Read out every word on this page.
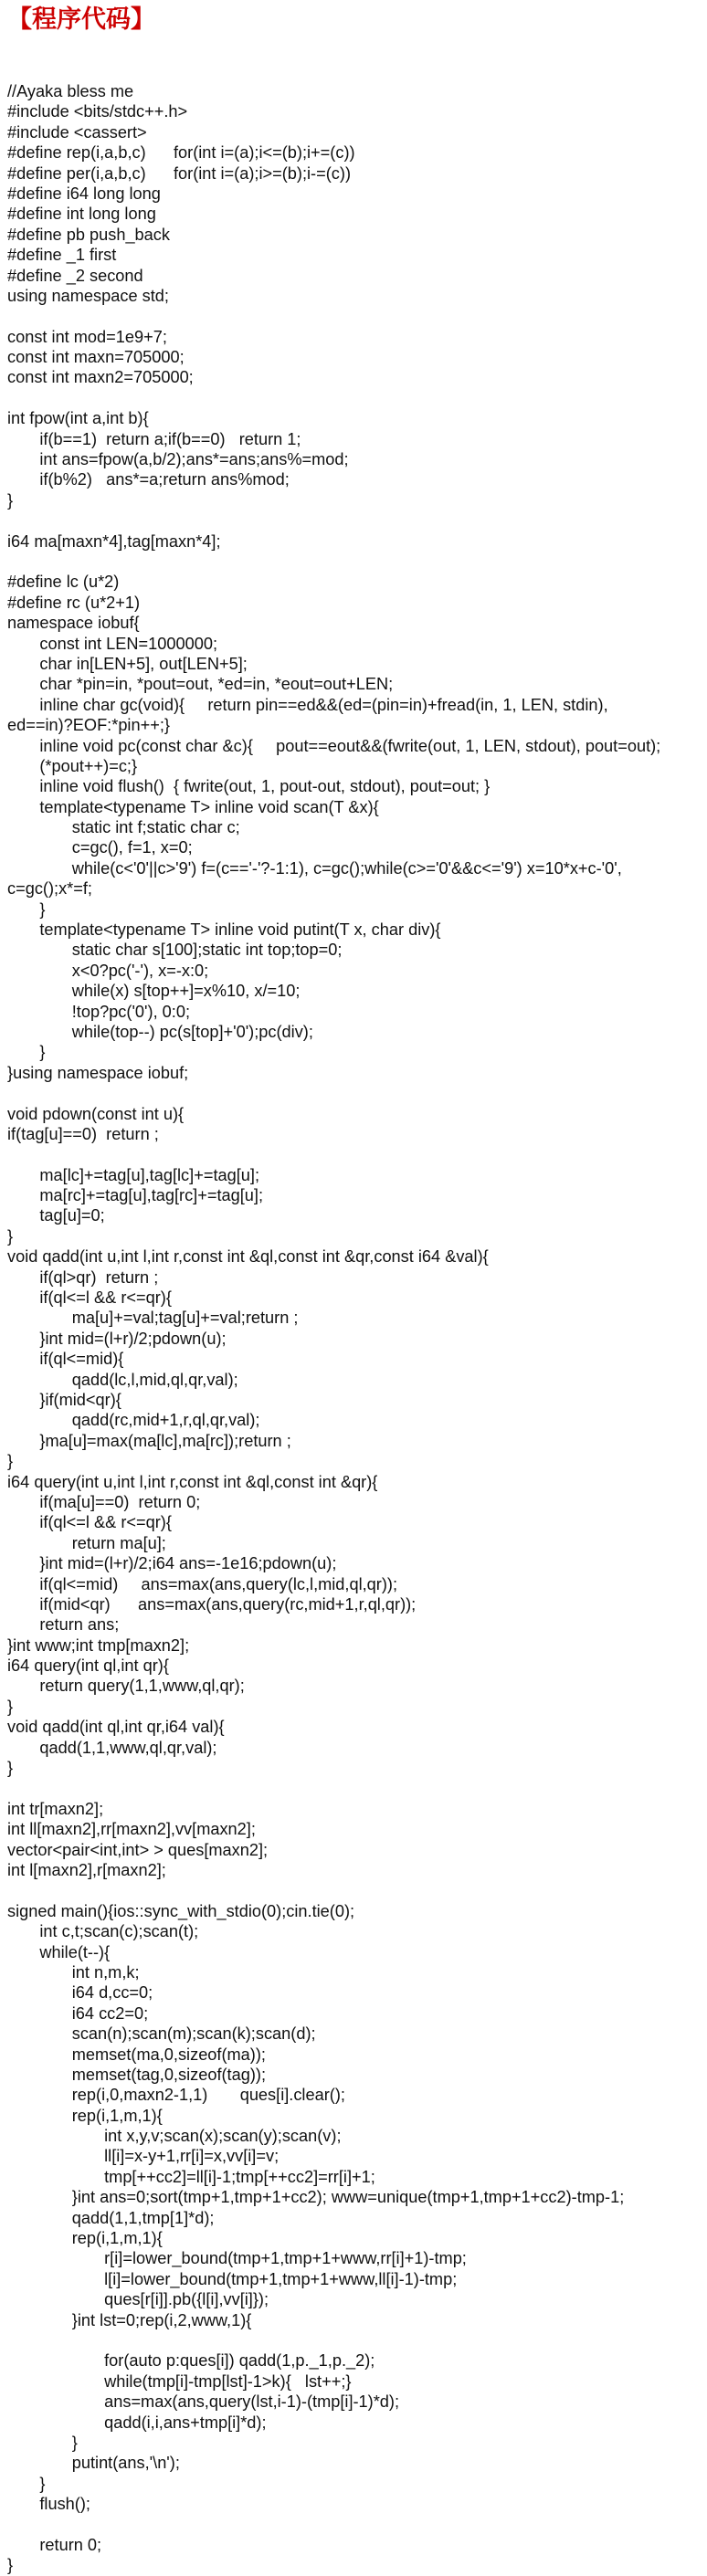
【程序代码】
//Ayaka bless me
#include <bits/stdc++.h>
#include <cassert>
#define rep(i,a,b,c)      for(int i=(a);i<=(b);i+=(c))
#define per(i,a,b,c)      for(int i=(a);i>=(b);i-=(c))
#define i64 long long
#define int long long
#define pb push_back
#define _1 first
#define _2 second
using namespace std;
const int mod=1e9+7;
const int maxn=705000;
const int maxn2=705000;
int fpow(int a,int b){
if(b==1)  return a;if(b==0)   return 1;
int ans=fpow(a,b/2);ans*=ans;ans%=mod;
if(b%2)   ans*=a;return ans%mod;
}
i64 ma[maxn*4],tag[maxn*4];
#define lc (u*2)
#define rc (u*2+1)
namespace iobuf{
const int LEN=1000000;
char in[LEN+5], out[LEN+5];
char *pin=in, *pout=out, *ed=in, *eout=out+LEN;
inline char gc(void){     return pin==ed&&(ed=(pin=in)+fread(in, 1, LEN, stdin),
ed==in)?EOF:*pin++;}
inline void pc(const char &c){     pout==eout&&(fwrite(out, 1, LEN, stdout), pout=out);
(*pout++)=c;}
inline void flush()  { fwrite(out, 1, pout-out, stdout), pout=out; }
template<typename T> inline void scan(T &x){
static int f;static char c;
c=gc(), f=1, x=0;
while(c<'0'||c>'9') f=(c=='-'?-1:1), c=gc();while(c>='0'&&c<='9') x=10*x+c-'0',
c=gc();x*=f;
}
template<typename T> inline void putint(T x, char div){
static char s[100];static int top;top=0;
x<0?pc('-'), x=-x:0;
while(x) s[top++]=x%10, x/=10;
!top?pc('0'), 0:0;
while(top--) pc(s[top]+'0');pc(div);
}
}using namespace iobuf;
void pdown(const int u){
if(tag[u]==0)  return ;
ma[lc]+=tag[u],tag[lc]+=tag[u];
ma[rc]+=tag[u],tag[rc]+=tag[u];
tag[u]=0;
}
void qadd(int u,int l,int r,const int &ql,const int &qr,const i64 &val){
if(ql>qr)  return ;
if(ql<=l && r<=qr){
ma[u]+=val;tag[u]+=val;return ;
}int mid=(l+r)/2;pdown(u);
if(ql<=mid){
qadd(lc,l,mid,ql,qr,val);
}if(mid<qr){
qadd(rc,mid+1,r,ql,qr,val);
}ma[u]=max(ma[lc],ma[rc]);return ;
}
i64 query(int u,int l,int r,const int &ql,const int &qr){
if(ma[u]==0)  return 0;
if(ql<=l && r<=qr){
return ma[u];
}int mid=(l+r)/2;i64 ans=-1e16;pdown(u);
if(ql<=mid)     ans=max(ans,query(lc,l,mid,ql,qr));
if(mid<qr)      ans=max(ans,query(rc,mid+1,r,ql,qr));
return ans;
}int www;int tmp[maxn2];
i64 query(int ql,int qr){
return query(1,1,www,ql,qr);
}
void qadd(int ql,int qr,i64 val){
qadd(1,1,www,ql,qr,val);
}
int tr[maxn2];
int ll[maxn2],rr[maxn2],vv[maxn2];
vector<pair<int,int> > ques[maxn2];
int l[maxn2],r[maxn2];
signed main(){ios::sync_with_stdio(0);cin.tie(0);
int c,t;scan(c);scan(t);
while(t--){
int n,m,k;
i64 d,cc=0;
i64 cc2=0;
scan(n);scan(m);scan(k);scan(d);
memset(ma,0,sizeof(ma));
memset(tag,0,sizeof(tag));
rep(i,0,maxn2-1,1)       ques[i].clear();
rep(i,1,m,1){
int x,y,v;scan(x);scan(y);scan(v);
ll[i]=x-y+1,rr[i]=x,vv[i]=v;
tmp[++cc2]=ll[i]-1;tmp[++cc2]=rr[i]+1;
}int ans=0;sort(tmp+1,tmp+1+cc2); www=unique(tmp+1,tmp+1+cc2)-tmp-1;
qadd(1,1,tmp[1]*d);
rep(i,1,m,1){
r[i]=lower_bound(tmp+1,tmp+1+www,rr[i]+1)-tmp;
l[i]=lower_bound(tmp+1,tmp+1+www,ll[i]-1)-tmp;
ques[r[i]].pb({l[i],vv[i]});
}int lst=0;rep(i,2,www,1){
for(auto p:ques[i]) qadd(1,p._1,p._2);
while(tmp[i]-tmp[lst]-1>k){   lst++;}
ans=max(ans,query(lst,i-1)-(tmp[i]-1)*d);
qadd(i,i,ans+tmp[i]*d);
}
putint(ans,'\n');
}
flush();
return 0;
}
